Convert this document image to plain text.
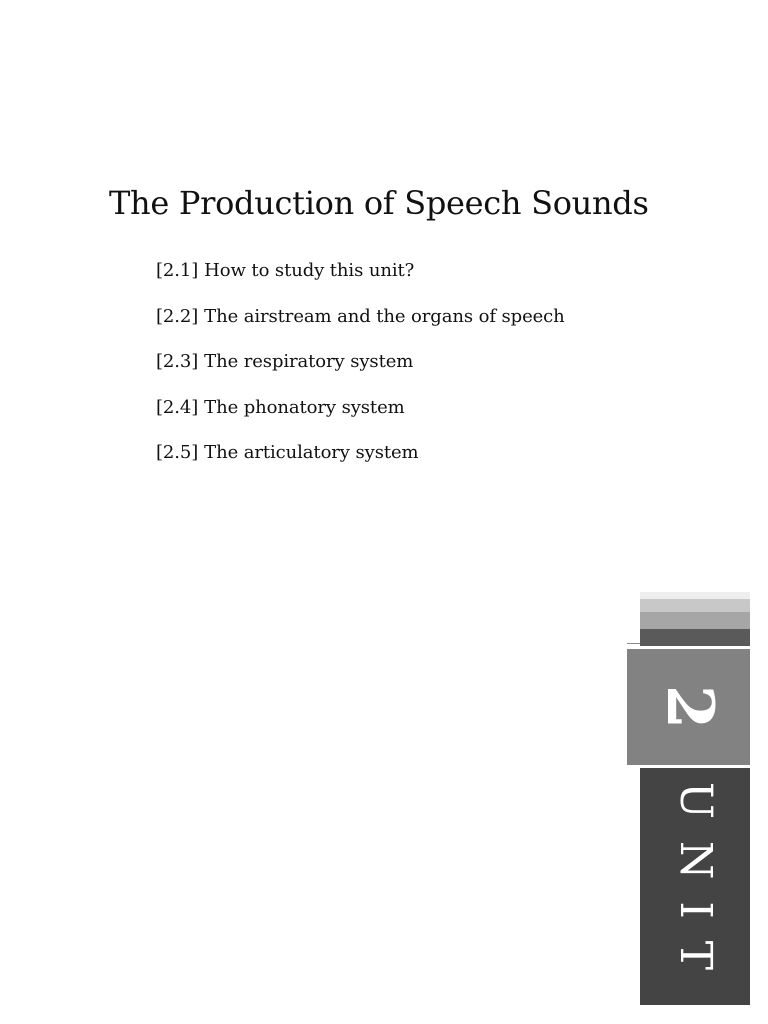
The Production of Speech Sounds
[2.1] How to study this unit?
[2.2] The airstream and the organs of speech
[2.3] The respiratory system
[2.4] The phonatory system
[2.5] The articulatory system
2
UNIT
